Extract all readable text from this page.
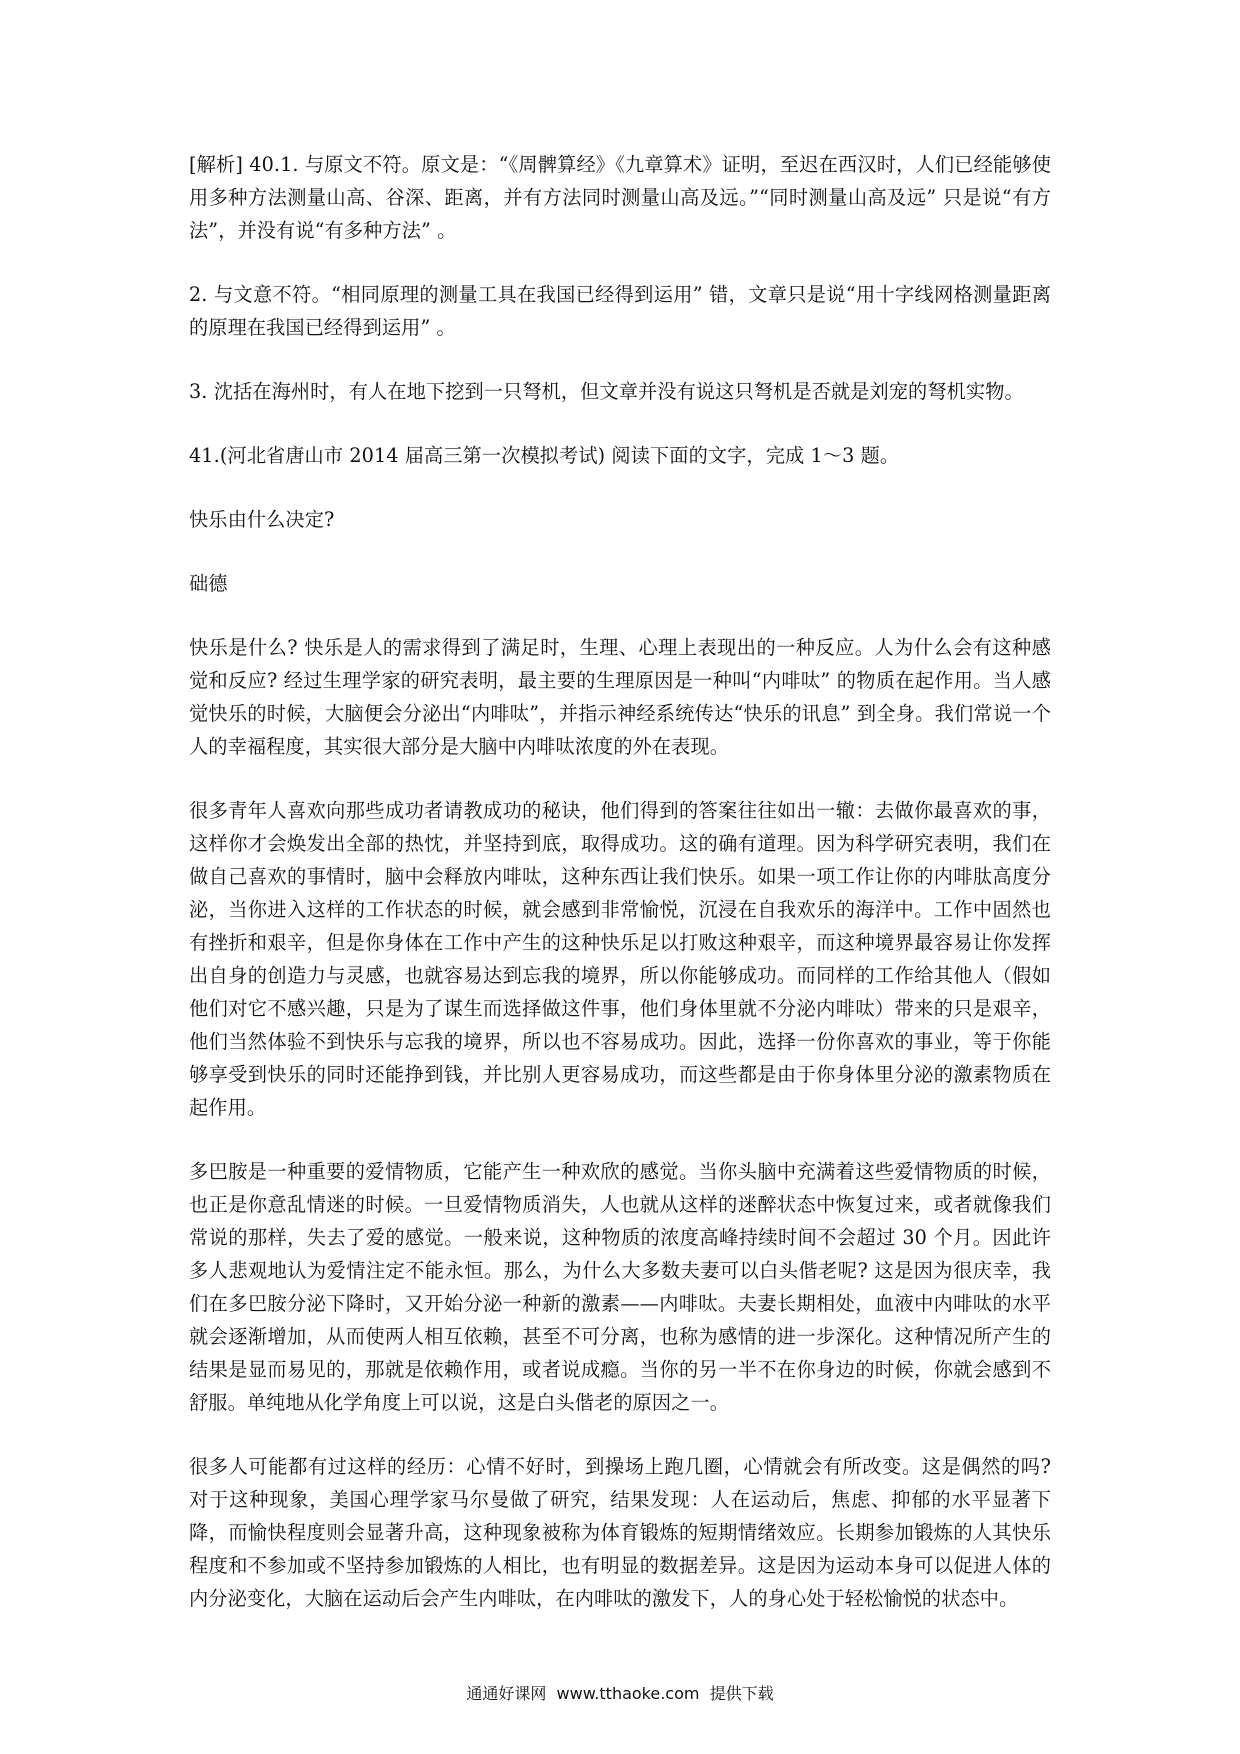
[解析] 40.1. 与原文不符。原文是：“《周髀算经》《九章算术》证明，至迟在西汉时，人们已经能够使用多种方法测量山高、谷深、距离，并有方法同时测量山高及远。”“同时测量山高及远” 只是说“有方法”，并没有说“有多种方法” 。

2. 与文意不符。“相同原理的测量工具在我国已经得到运用” 错，文章只是说“用十字线网格测量距离的原理在我国已经得到运用” 。

3. 沈括在海州时，有人在地下挖到一只弩机，但文章并没有说这只弩机是否就是刘宠的弩机实物。

41.(河北省唐山市 2014 届高三第一次模拟考试) 阅读下面的文字，完成 1～3 题。

快乐由什么决定?

础德

快乐是什么? 快乐是人的需求得到了满足时，生理、心理上表现出的一种反应。人为什么会有这种感觉和反应? 经过生理学家的研究表明，最主要的生理原因是一种叫“内啡呔” 的物质在起作用。当人感觉快乐的时候，大脑便会分泌出“内啡呔”，并指示神经系统传达“快乐的讯息” 到全身。我们常说一个人的幸福程度，其实很大部分是大脑中内啡呔浓度的外在表现。

很多青年人喜欢向那些成功者请教成功的秘诀，他们得到的答案往往如出一辙：去做你最喜欢的事，这样你才会焕发出全部的热忱，并坚持到底，取得成功。这的确有道理。因为科学研究表明，我们在做自己喜欢的事情时，脑中会释放内啡呔，这种东西让我们快乐。如果一项工作让你的内啡肽高度分泌，当你进入这样的工作状态的时候，就会感到非常愉悦，沉浸在自我欢乐的海洋中。工作中固然也有挫折和艰辛，但是你身体在工作中产生的这种快乐足以打败这种艰辛，而这种境界最容易让你发挥出自身的创造力与灵感，也就容易达到忘我的境界，所以你能够成功。而同样的工作给其他人（假如他们对它不感兴趣，只是为了谋生而选择做这件事，他们身体里就不分泌内啡呔）带来的只是艰辛，他们当然体验不到快乐与忘我的境界，所以也不容易成功。因此，选择一份你喜欢的事业，等于你能够享受到快乐的同时还能挣到钱，并比别人更容易成功，而这些都是由于你身体里分泌的激素物质在起作用。

多巴胺是一种重要的爱情物质，它能产生一种欢欣的感觉。当你头脑中充满着这些爱情物质的时候，也正是你意乱情迷的时候。一旦爱情物质消失，人也就从这样的迷醉状态中恢复过来，或者就像我们常说的那样，失去了爱的感觉。一般来说，这种物质的浓度高峰持续时间不会超过 30 个月。因此许多人悲观地认为爱情注定不能永恒。那么，为什么大多数夫妻可以白头偕老呢? 这是因为很庆幸，我们在多巴胺分泌下降时，又开始分泌一种新的激素——内啡呔。夫妻长期相处，血液中内啡呔的水平就会逐渐增加，从而使两人相互依赖，甚至不可分离，也称为感情的进一步深化。这种情况所产生的结果是显而易见的，那就是依赖作用，或者说成瘾。当你的另一半不在你身边的时候，你就会感到不舒服。单纯地从化学角度上可以说，这是白头偕老的原因之一。

很多人可能都有过这样的经历：心情不好时，到操场上跑几圈，心情就会有所改变。这是偶然的吗? 对于这种现象，美国心理学家马尔曼做了研究，结果发现：人在运动后，焦虑、抑郁的水平显著下降，而愉快程度则会显著升高，这种现象被称为体育锻炼的短期情绪效应。长期参加锻炼的人其快乐程度和不参加或不坚持参加锻炼的人相比，也有明显的数据差异。这是因为运动本身可以促进人体的内分泌变化，大脑在运动后会产生内啡呔，在内啡呔的激发下，人的身心处于轻松愉悦的状态中。

通通好课网  www.tthaoke.com  提供下载
